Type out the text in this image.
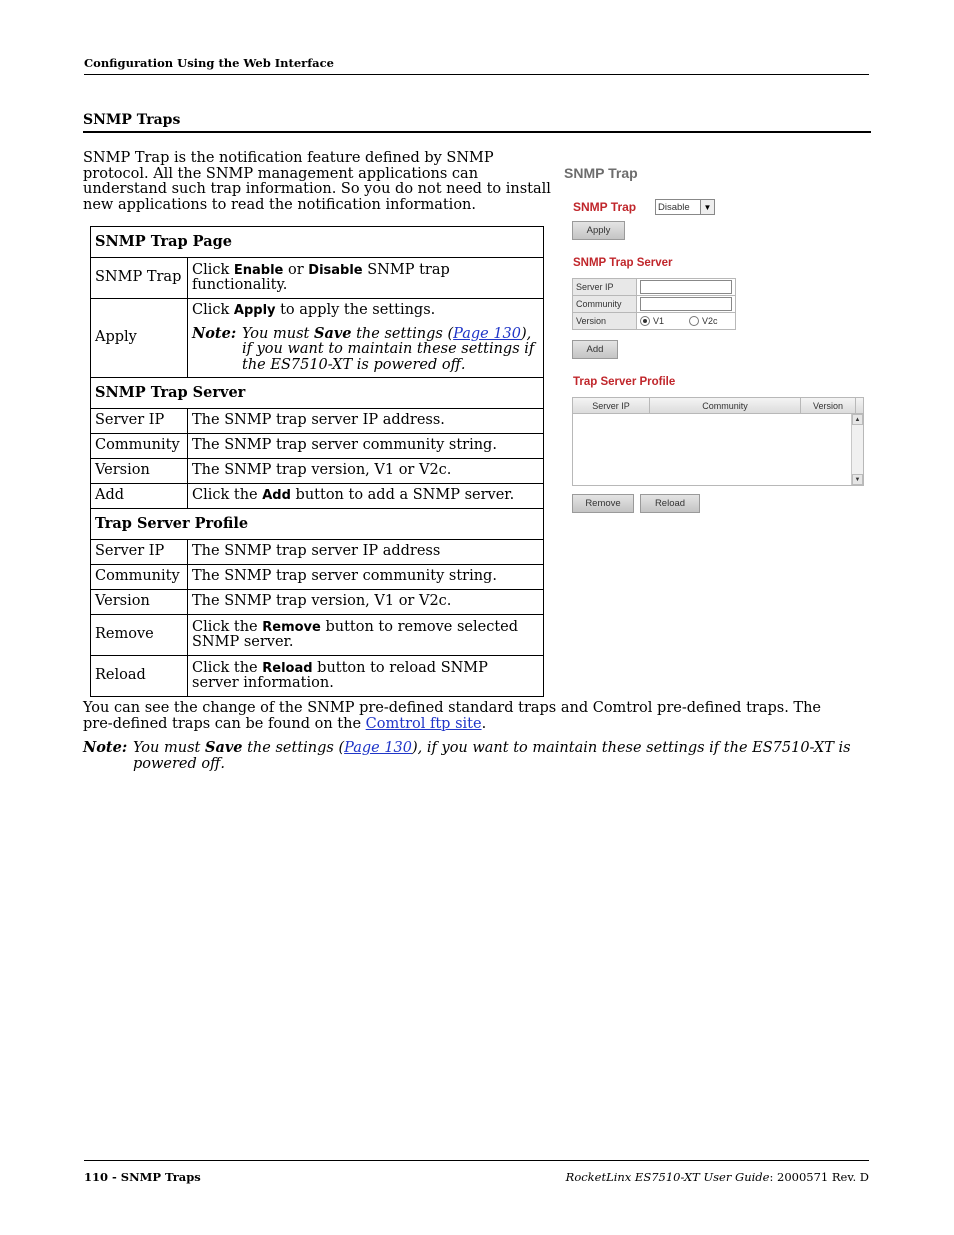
Configuration Using the Web Interface
SNMP Traps
SNMP Trap is the notification feature defined by SNMP protocol. All the SNMP management applications can understand such trap information. So you do not need to install new applications to read the notification information.
SNMP Trap Page	
SNMP Trap	Click Enable or Disable SNMP trap functionality.
Apply	Click Apply to apply the settings.
Note: You must Save the settings (Page 130), if you want to maintain these settings if the ES7510-XT is powered off.

SNMP Trap Server	
Server IP	The SNMP trap server IP address.
Community	The SNMP trap server community string.
Version	The SNMP trap version, V1 or V2c.
Add	Click the Add button to add a SNMP server.
Trap Server Profile	
Server IP	The SNMP trap server IP address
Community	The SNMP trap server community string.
Version	The SNMP trap version, V1 or V2c.
Remove	Click the Remove button to remove selected SNMP server.
Reload	Click the Reload button to reload SNMP server information.
You can see the change of the SNMP pre-defined standard traps and Comtrol pre-defined traps. The pre-defined traps can be found on the Comtrol ftp site.
Note: You must Save the settings (Page 130), if you want to maintain these settings if the ES7510-XT is powered off.
SNMP Trap
SNMP Trap Disable	▼
Apply
SNMP Trap Server
Server IP	

Community	

Version	V1 V2c
Add
Trap Server Profile
Server IP	Community	Version
▲
▼
Remove	Reload
110 - SNMP Traps	RocketLinx ES7510-XT User Guide: 2000571 Rev. D
